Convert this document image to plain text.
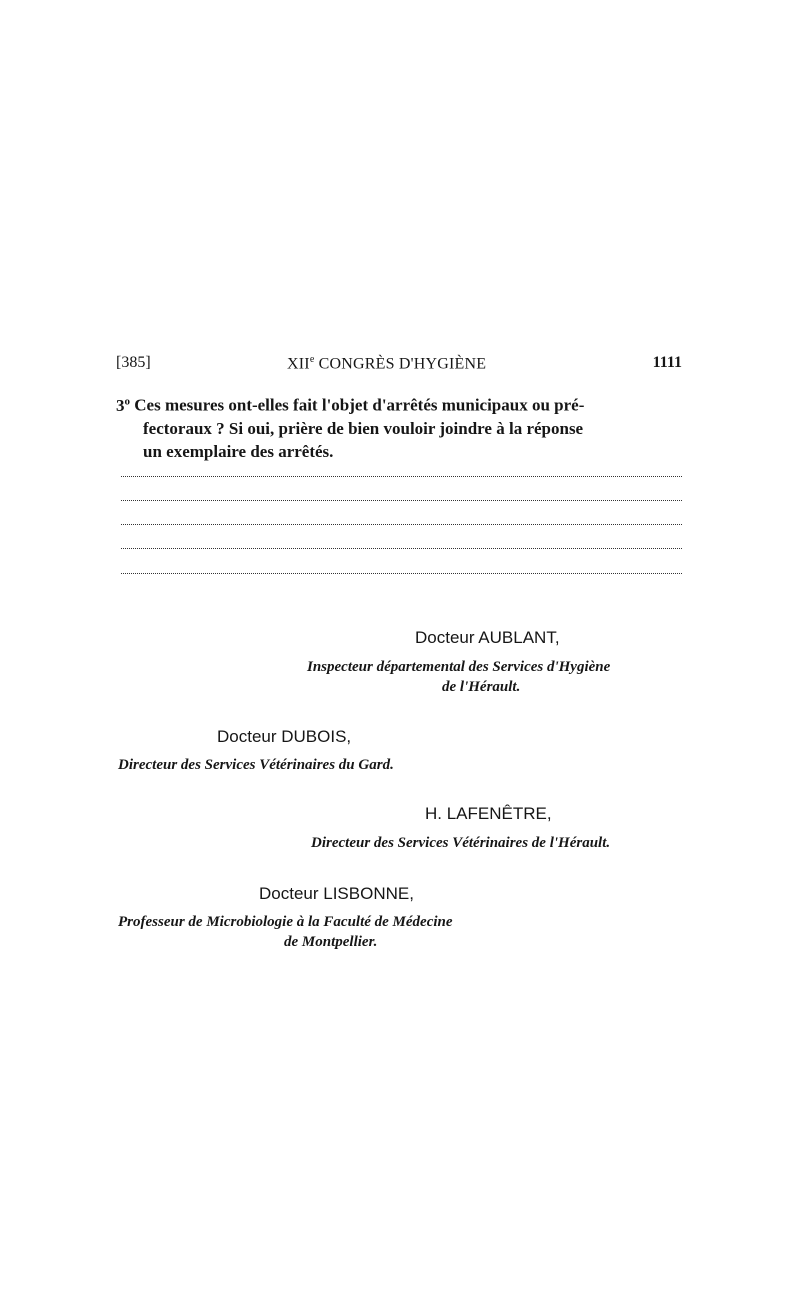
[385]	XIIe CONGRÈS D'HYGIÈNE	1111
3$^o$ Ces mesures ont-elles fait l'objet d'arrêtés municipaux ou pré-
fectoraux ? Si oui, prière de bien vouloir joindre à la réponse
un exemplaire des arrêtés.
Docteur AUBLANT,
Inspecteur départemental des Services d'Hygiène
de l'Hérault.
Docteur DUBOIS,
Directeur des Services Vétérinaires du Gard.
H. LAFENÊTRE,
Directeur des Services Vétérinaires de l'Hérault.
Docteur LISBONNE,
Professeur de Microbiologie à la Faculté de Médecine
de Montpellier.
